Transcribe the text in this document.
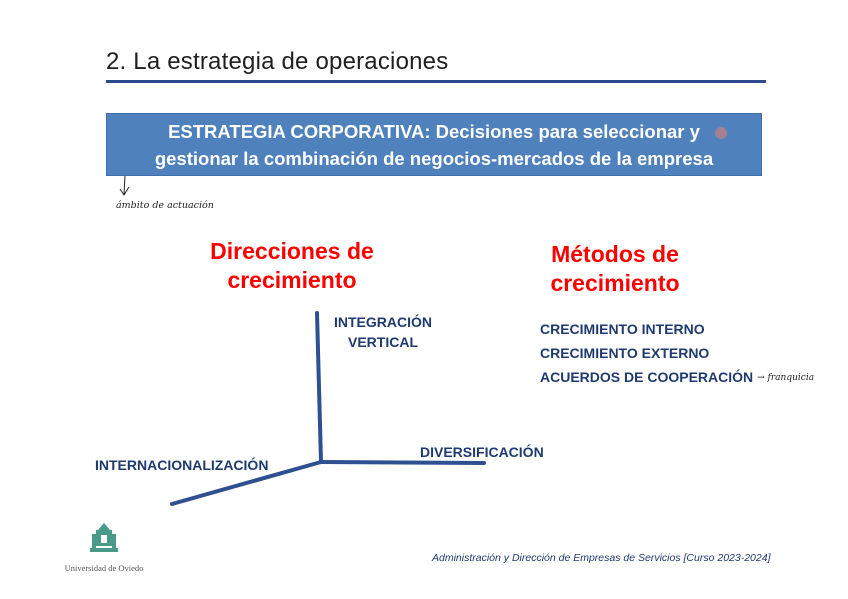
2. La estrategia de operaciones
ESTRATEGIA CORPORATIVA: Decisiones para seleccionar y
gestionar la combinación de negocios-mercados de la empresa
ámbito de actuación
Direcciones de
crecimiento
Métodos de
crecimiento
INTEGRACIÓN
VERTICAL
DIVERSIFICACIÓN
INTERNACIONALIZACIÓN
CRECIMIENTO INTERNO
CRECIMIENTO EXTERNO
ACUERDOS DE COOPERACIÓN → franquicia
Universidad de Oviedo
Administración y Dirección de Empresas de Servicios [Curso 2023-2024]
